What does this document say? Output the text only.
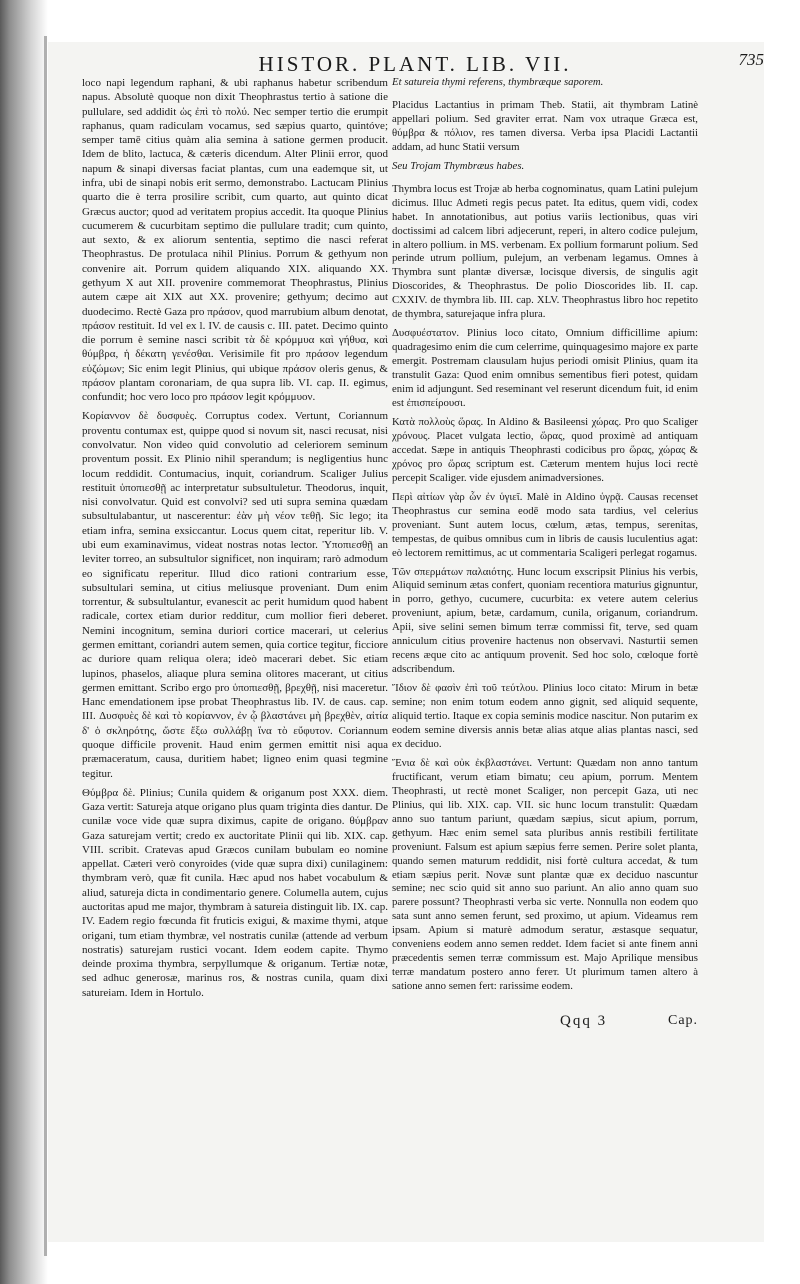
HISTOR. PLANT. LIB. VII.	735

loco napi legendum raphani, & ubi raphanus habetur scribendum napus. Absolutè quoque non dixit Theophrastus tertio à satione die pullulare, sed addidit ὡς ἐπὶ τὸ πολύ. Nec semper tertio die erumpit raphanus, quam radiculam vocamus, sed sæpius quarto, quintóve; semper tamē citius quàm alia semina à satione germen producit. Idem de blito, lactuca, & cæteris dicendum. Alter Plinii error, quod napum & sinapi diversas faciat plantas, cum una eademque sit, ut infra, ubi de sinapi nobis erit sermo, demonstrabo. Lactucam Plinius quarto die è terra prosilire scribit, cum quarto, aut quinto dicat Græcus auctor; quod ad veritatem propius accedit. Ita quoque Plinius cucumerem & cucurbitam septimo die pullulare tradit; cum quinto, aut sexto, & ex aliorum sententia, septimo die nasci referat Theophrastus. De protulaca nihil Plinius. Porrum & gethyum non convenire ait. Porrum quidem aliquando XIX. aliquando XX. gethyum X aut XII. provenire commemorat Theophrastus, Plinius autem cæpe ait XIX aut XX. provenire; gethyum; decimo aut duodecimo. Rectè Gaza pro πράσον, quod marrubium album denotat, πράσον restituit. Id vel ex l. IV. de causis c. III. patet. Decimo quinto die porrum è semine nasci scribit τὰ δὲ κρόμμυα καὶ γήθυα, καὶ θύμβρα, ἡ δέκατη γενέσθαι. Verisimile fit pro πράσον legendum εὐζώμων; Sic enim legit Plinius, qui ubique πράσον oleris genus, & πράσον plantam coronariam, de qua supra lib. VI. cap. II. egimus, confundit; hoc vero loco pro πράσον legit κρόμμυον.

Κορίαννον δὲ δυσφυὲς. Corruptus codex. Vertunt, Coriannum proventu contumax est, quippe quod si novum sit, nasci recusat, nisi convolvatur. Non video quid convolutio ad celeriorem seminum proventum possit. Ex Plinio nihil sperandum; is negligentius hunc locum reddidit. Contumacius, inquit, coriandrum. Scaliger Julius restituit ὑποπιεσθῇ ac interpretatur subsultuletur. Theodorus, inquit, nisi convolvatur. Quid est convolvi? sed uti supra semina quædam subsultulabantur, ut nascerentur: ἐὰν μὴ νέον τεθῇ. Sic lego; ita etiam infra, semina exsiccantur. Locus quem citat, reperitur lib. V. ubi eum examinavimus, videat nostras notas lector. Ὑποπιεσθῇ an leviter torreo, an subsultulor significet, non inquiram; rarò admodum eo significatu reperitur. Illud dico rationi contrarium esse, subsultulari semina, ut citius meliusque proveniant. Dum enim torrentur, & subsultulantur, evanescit ac perit humidum quod habent radicale, cortex etiam durior redditur, cum mollior fieri deberet. Nemini incognitum, semina duriori cortice macerari, ut celerius germen emittant, coriandri autem semen, quia cortice tegitur, ficciore ac duriore quam reliqua olera; ideò macerari debet. Sic etiam lupinos, phaselos, aliaque plura semina olitores macerant, ut citius germen emittant. Scribo ergo pro ὑποπιεσθῇ, βρεχθῇ, nisi maceretur. Hanc emendationem ipse probat Theophrastus lib. IV. de caus. cap. III. Δυσφυὲς δὲ καὶ τὸ κορίαννον, ἐν ᾧ βλαστάνει μὴ βρεχθὲν, αἰτία δ' ὁ σκληρότης, ὥστε ἔξω συλλάβῃ ἵνα τὸ εὔφυτον. Coriannum quoque difficile provenit. Haud enim germen emittit nisi aqua præmaceratum, causa, duritiem habet; ligneo enim quasi tegmine tegitur.

Θύμβρα δὲ. Plinius; Cunila quidem & origanum post XXX. diem. Gaza vertit: Satureja atque origano plus quam triginta dies dantur. De cunilæ voce vide quæ supra diximus, capite de origano. θύμβραν Gaza saturejam vertit; credo ex auctoritate Plinii qui lib. XIX. cap. VIII. scribit. Cratevas apud Græcos cunilam bubulam eo nomine appellat. Cæteri verò conyroides (vide quæ supra dixi) cunilaginem: thymbram verò, quæ fit cunila. Hæc apud nos habet vocabulum & aliud, satureja dicta in condimentario genere. Columella autem, cujus auctoritas apud me major, thymbram à satureia distinguit lib. IX. cap. IV. Eadem regio fœcunda fit fruticis exigui, & maxime thymi, atque origani, tum etiam thymbræ, vel nostratis cunilæ (attende ad verbum nostratis) saturejam rustici vocant. Idem eodem capite. Thymo deinde proxima thymbra, serpyllumque & origanum. Tertiæ notæ, sed adhuc generosæ, marinus ros, & nostras cunila, quam dixi satureiam. Idem in Hortulo.

Et satureia thymi referens, thymbræque saporem.

Placidus Lactantius in primam Theb. Statii, ait thymbram Latinè appellari polium. Sed graviter errat. Nam vox utraque Græca est, θύμβρα & πόλιον, res tamen diversa. Verba ipsa Placidi Lactantii addam, ad hunc Statii versum

Seu Trojam Thymbræus habes.

Thymbra locus est Trojæ ab herba cognominatus, quam Latini pulejum dicimus. Illuc Admeti regis pecus patet. Ita editus, quem vidi, codex habet. In annotationibus, aut potius variis lectionibus, quas viri doctissimi ad calcem libri adjecerunt, reperi, in altero codice pulejum, in altero pollium. in MS. verbenam. Ex pollium formarunt polium. Sed perinde utrum pollium, pulejum, an verbenam legamus. Omnes à Thymbra sunt plantæ diversæ, locisque diversis, de singulis agit Dioscorides, & Theophrastus. De polio Dioscorides lib. II. cap. CXXIV. de thymbra lib. III. cap. XLV. Theophrastus libro hoc repetito de thymbra, saturejaque infra plura.

Δυσφυέστατον. Plinius loco citato, Omnium difficillime apium: quadragesimo enim die cum celerrime, quinquagesimo majore ex parte emergit. Postremam clausulam hujus periodi omisit Plinius, quam ita transtulit Gaza: Quod enim omnibus sementibus fieri potest, quidam enim id adjungunt. Sed reseminant vel reserunt dicendum fuit, id enim est ἐπισπείρουσι.

Κατὰ πολλοὺς ὥρας. In Aldino & Basileensi χώρας. Pro quo Scaliger χρόνους. Placet vulgata lectio, ὥρας, quod proximè ad antiquam accedat. Sæpe in antiquis Theophrasti codicibus pro ὥρας, χώρας & χρόνος pro ὥρας scriptum est. Cæterum mentem hujus loci rectè percepit Scaliger. vide ejusdem animadversiones.

Περὶ αἰτίων γὰρ ὧν ἐν ὑγιεῖ. Malè in Aldino ὑγρᾷ. Causas recenset Theophrastus cur semina eodē modo sata tardius, vel celerius proveniant. Sunt autem locus, cœlum, ætas, tempus, serenitas, tempestas, de quibus omnibus cum in libris de causis luculentius agat: eò lectorem remittimus, ac ut commentaria Scaligeri perlegat rogamus.

Τῶν σπερμάτων παλαιότης. Hunc locum exscripsit Plinius his verbis, Aliquid seminum ætas confert, quoniam recentiora maturius gignuntur, in porro, gethyo, cucumere, cucurbita: ex vetere autem celerius proveniunt, apium, betæ, cardamum, cunila, origanum, coriandrum. Apii, sive selini semen bimum terræ commissi fit, terve, sed quam anniculum citius provenire hactenus non observavi. Nasturtii semen recens æque cito ac antiquum provenit. Sed hoc solo, cœloque fortè adscribendum.

Ἴδιον δὲ φασὶν ἐπὶ τοῦ τεύτλου. Plinius loco citato: Mirum in betæ semine; non enim totum eodem anno gignit, sed aliquid sequente, aliquid tertio. Itaque ex copia seminis modice nascitur. Non putarim ex eodem semine diversis annis betæ alias atque alias plantas nasci, sed ex deciduo.

Ἔνια δὲ καὶ οὐκ ἐκβλαστάνει. Vertunt: Quædam non anno tantum fructificant, verum etiam bimatu; ceu apium, porrum. Mentem Theophrasti, ut rectè monet Scaliger, non percepit Gaza, uti nec Plinius, qui lib. XIX. cap. VII. sic hunc locum transtulit: Quædam anno suo tantum pariunt, quædam sæpius, sicut apium, porrum, gethyum. Hæc enim semel sata pluribus annis restibili fertilitate proveniunt. Falsum est apium sæpius ferre semen. Perire solet planta, quando semen maturum reddidit, nisi fortè cultura accedat, & tum etiam sæpius perit. Novæ sunt plantæ quæ ex deciduo nascuntur semine; nec scio quid sit anno suo pariunt. An alio anno quam suo parere possunt? Theophrasti verba sic verte. Nonnulla non eodem quo sata sunt anno semen ferunt, sed proximo, ut apium. Videamus rem ipsam. Apium si maturè admodum seratur, æstasque sequatur, conveniens eodem anno semen reddet. Idem faciet si ante finem anni præcedentis semen terræ commissum est. Majo Aprilique mensibus terræ mandatum postero anno ferет. Ut plurimum tamen altero à satione anno semen fert: rarissime eodem.

Qqq 3	Cap.
